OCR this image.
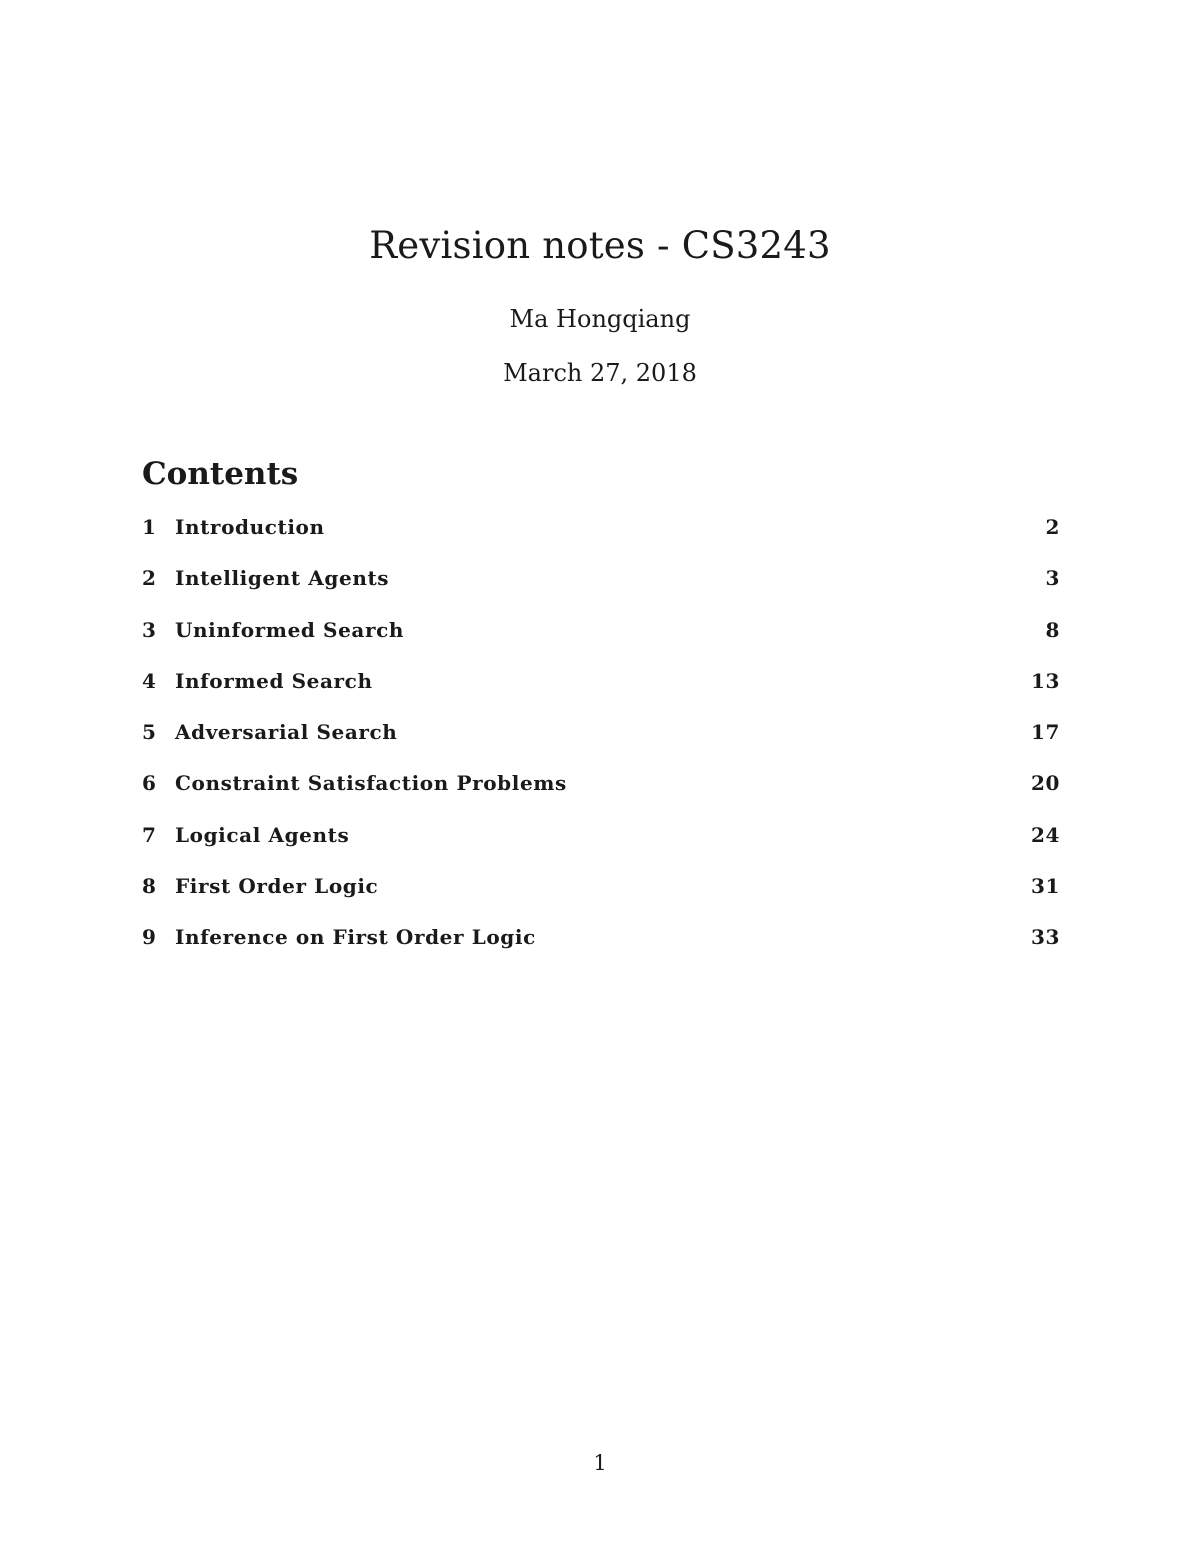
Revision notes - CS3243

Ma Hongqiang

March 27, 2018

Contents
1 Introduction	2
2 Intelligent Agents	3
3 Uninformed Search	8
4 Informed Search	13
5 Adversarial Search	17
6 Constraint Satisfaction Problems	20
7 Logical Agents	24
8 First Order Logic	31
9 Inference on First Order Logic	33

1
